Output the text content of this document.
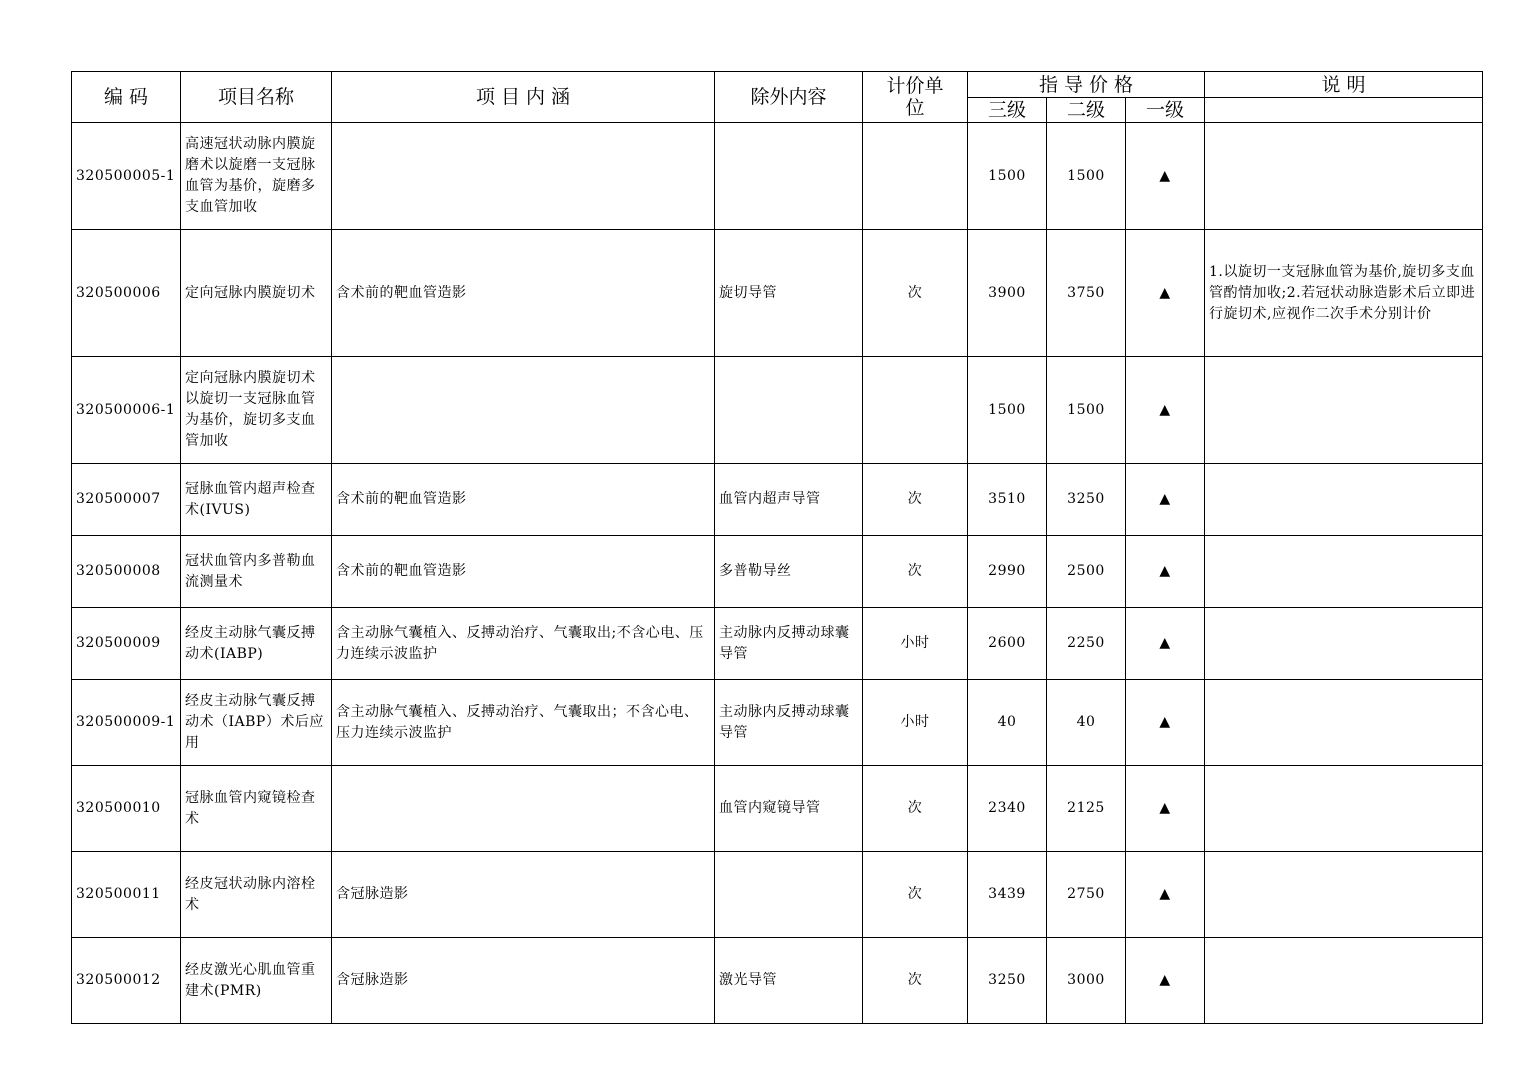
编 码	项目名称	项 目 内 涵	除外内容	计价单位	指 导 价 格			说 明
					三级	二级	一级	
320500005-1	高速冠状动脉内膜旋磨术以旋磨一支冠脉血管为基价，旋磨多支血管加收				1500	1500	▲	
320500006	定向冠脉内膜旋切术	含术前的靶血管造影	旋切导管	次	3900	3750	▲	1.以旋切一支冠脉血管为基价,旋切多支血管酌情加收;2.若冠状动脉造影术后立即进行旋切术,应视作二次手术分别计价
320500006-1	定向冠脉内膜旋切术 以旋切一支冠脉血管为基价，旋切多支血管加收				1500	1500	▲	
320500007	冠脉血管内超声检查术(IVUS)	含术前的靶血管造影	血管内超声导管	次	3510	3250	▲	
320500008	冠状血管内多普勒血流测量术	含术前的靶血管造影	多普勒导丝	次	2990	2500	▲	
320500009	经皮主动脉气囊反搏动术(IABP)	含主动脉气囊植入、反搏动治疗、气囊取出;不含心电、压力连续示波监护	主动脉内反搏动球囊导管	小时	2600	2250	▲	
320500009-1	经皮主动脉气囊反搏动术（IABP）术后应用	含主动脉气囊植入、反搏动治疗、气囊取出；不含心电、压力连续示波监护	主动脉内反搏动球囊导管	小时	40	40	▲	
320500010	冠脉血管内窥镜检查术		血管内窥镜导管	次	2340	2125	▲	
320500011	经皮冠状动脉内溶栓术	含冠脉造影		次	3439	2750	▲	
320500012	经皮激光心肌血管重建术(PMR)	含冠脉造影	激光导管	次	3250	3000	▲	
